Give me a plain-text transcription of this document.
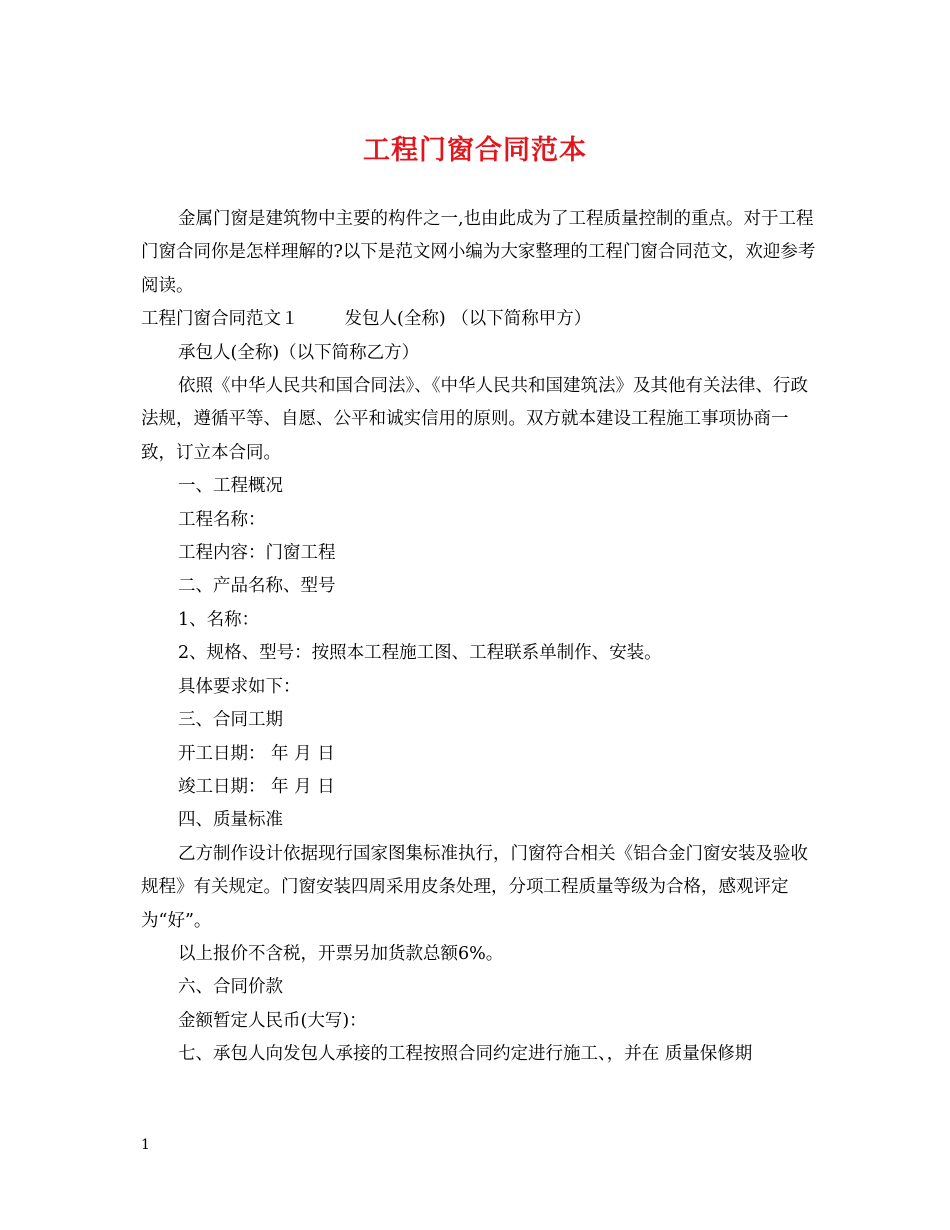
工程门窗合同范本

金属门窗是建筑物中主要的构件之一,也由此成为了工程质量控制的重点。对于工程门窗合同你是怎样理解的?以下是范文网小编为大家整理的工程门窗合同范文，欢迎参考阅读。

工程门窗合同范文１	发包人(全称) （以下简称甲方）

承包人(全称)（以下简称乙方）

依照《中华人民共和国合同法》、《中华人民共和国建筑法》及其他有关法律、行政法规，遵循平等、自愿、公平和诚实信用的原则。双方就本建设工程施工事项协商一致，订立本合同。

一、工程概况

工程名称：

工程内容：门窗工程

二、产品名称、型号

1、名称：

2、规格、型号：按照本工程施工图、工程联系单制作、安装。

具体要求如下：

三、合同工期

开工日期： 年 月 日

竣工日期： 年 月 日

四、质量标准

乙方制作设计依据现行国家图集标准执行，门窗符合相关《铝合金门窗安装及验收规程》有关规定。门窗安装四周采用皮条处理，分项工程质量等级为合格，感观评定为“好”。

以上报价不含税，开票另加货款总额6%。

六、合同价款

金额暂定人民币(大写)：

七、承包人向发包人承接的工程按照合同约定进行施工、，并在 质量保修期

1
